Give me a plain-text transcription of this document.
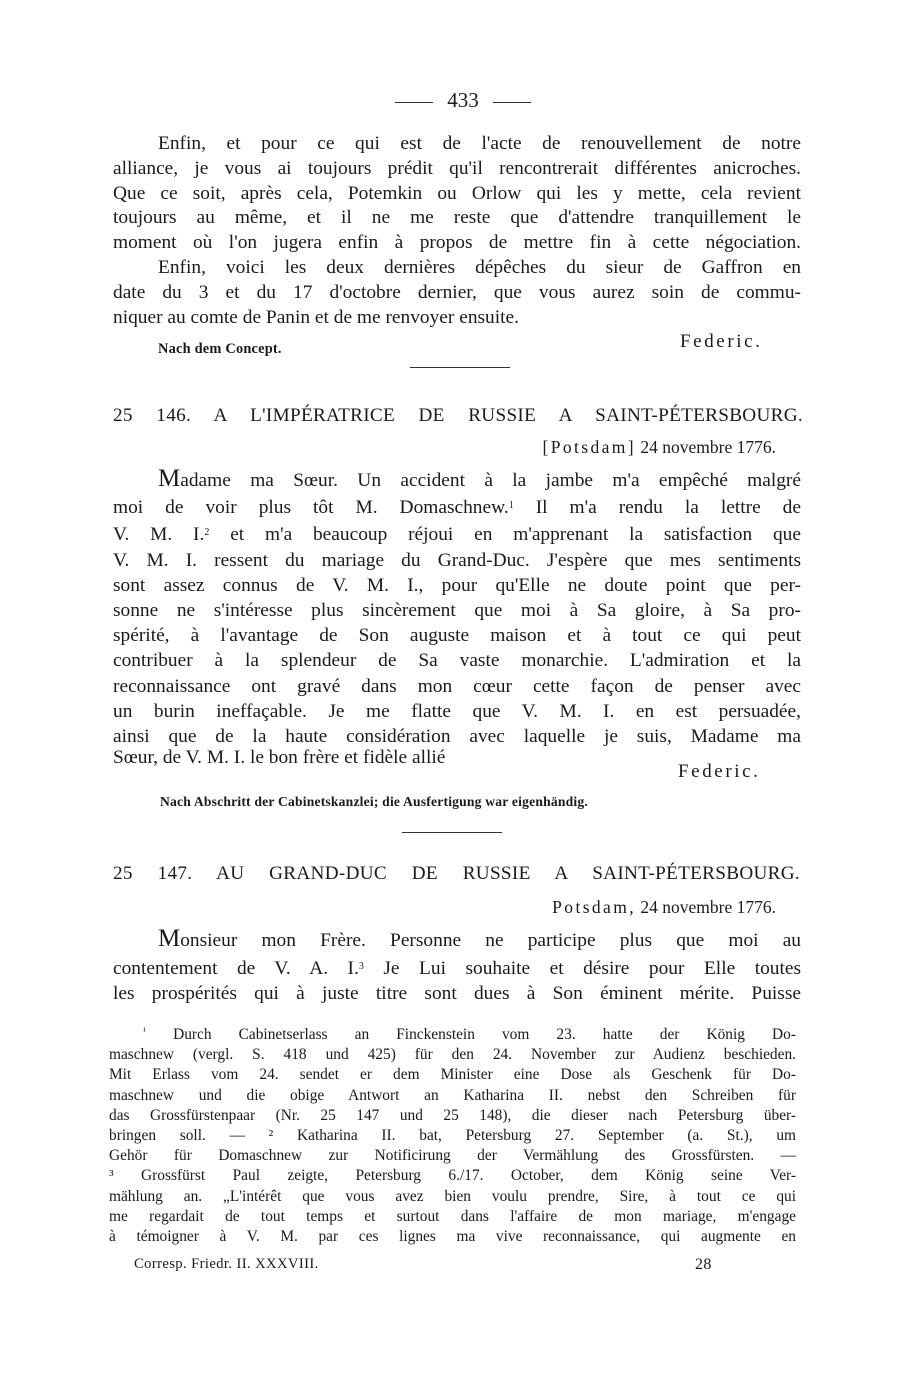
433

Enfin, et pour ce qui est de l'acte de renouvellement de notre

alliance, je vous ai toujours prédit qu'il rencontrerait différentes anicroches.

Que ce soit, après cela, Potemkin ou Orlow qui les y mette, cela revient

toujours au même, et il ne me reste que d'attendre tranquillement le

moment où l'on jugera enfin à propos de mettre fin à cette négociation.

Enfin, voici les deux dernières dépêches du sieur de Gaffron en

date du 3 et du 17 d'octobre dernier, que vous aurez soin de commu-

niquer au comte de Panin et de me renvoyer ensuite.

Nach dem Concept.	Federic.
25 146. A L'IMPÉRATRICE DE RUSSIE A SAINT-PÉTERSBOURG.
[Potsdam] 24 novembre 1776.

Madame ma Sœur. Un accident à la jambe m'a empêché malgré

moi de voir plus tôt M. Domaschnew.$^1$ Il m'a rendu la lettre de

V. M. I.$^2$ et m'a beaucoup réjoui en m'apprenant la satisfaction que

V. M. I. ressent du mariage du Grand-Duc. J'espère que mes sentiments

sont assez connus de V. M. I., pour qu'Elle ne doute point que per-

sonne ne s'intéresse plus sincèrement que moi à Sa gloire, à Sa pro-

spérité, à l'avantage de Son auguste maison et à tout ce qui peut

contribuer à la splendeur de Sa vaste monarchie. L'admiration et la

reconnaissance ont gravé dans mon cœur cette façon de penser avec

un burin ineffaçable. Je me flatte que V. M. I. en est persuadée,

ainsi que de la haute considération avec laquelle je suis, Madame ma

Sœur, de V. M. I. le bon frère et fidèle allié
Federic.
Nach Abschritt der Cabinetskanzlei; die Ausfertigung war eigenhändig.
25 147. AU GRAND-DUC DE RUSSIE A SAINT-PÉTERSBOURG.
Potsdam, 24 novembre 1776.

Monsieur mon Frère. Personne ne participe plus que moi au

contentement de V. A. I.$^3$ Je Lui souhaite et désire pour Elle toutes

les prospérités qui à juste titre sont dues à Son éminent mérite. Puisse

$^{^1}$ Durch Cabinetserlass an Finckenstein vom 23. hatte der König Do-

maschnew (vergl. S. 418 und 425) für den 24. November zur Audienz beschieden.

Mit Erlass vom 24. sendet er dem Minister eine Dose als Geschenk für Do-

maschnew und die obige Antwort an Katharina II. nebst den Schreiben für

das Grossfürstenpaar (Nr. 25 147 und 25 148), die dieser nach Petersburg über-

bringen soll. — ² Katharina II. bat, Petersburg 27. September (a. St.), um

Gehör für Domaschnew zur Notificirung der Vermählung des Grossfürsten. —

³ Grossfürst Paul zeigte, Petersburg 6./17. October, dem König seine Ver-

mählung an. „L'intérêt que vous avez bien voulu prendre, Sire, à tout ce qui

me regardait de tout temps et surtout dans l'affaire de mon mariage, m'engage

à témoigner à V. M. par ces lignes ma vive reconnaissance, qui augmente en

Corresp. Friedr. II. XXXVIII.	28
